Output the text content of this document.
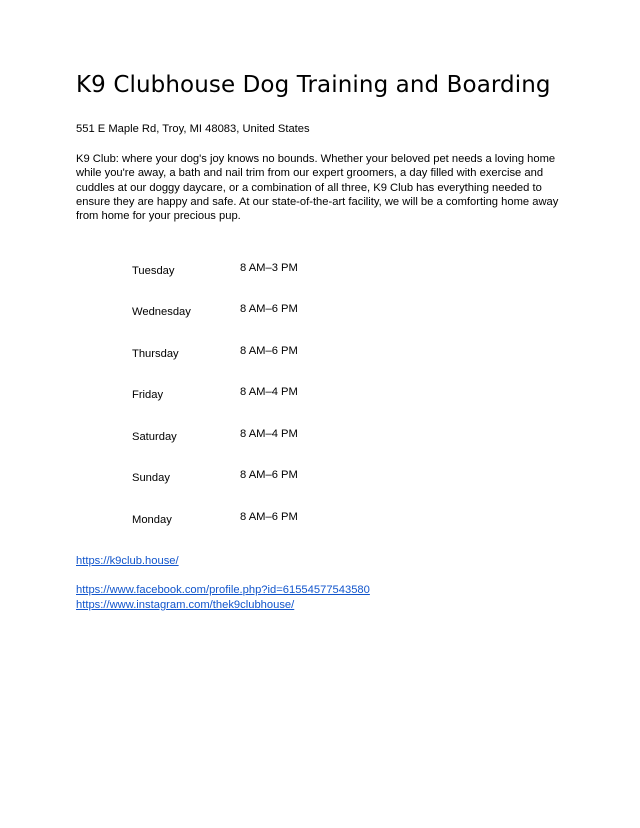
K9 Clubhouse Dog Training and Boarding
551 E Maple Rd, Troy, MI 48083, United States

K9 Club: where your dog's joy knows no bounds. Whether your beloved pet needs a loving home while you're away, a bath and nail trim from our expert groomers, a day filled with exercise and cuddles at our doggy daycare, or a combination of all three, K9 Club has everything needed to ensure they are happy and safe. At our state-of-the-art facility, we will be a comforting home away from home for your precious pup.

Tuesday	8 AM–3 PM
Wednesday	8 AM–6 PM
Thursday	8 AM–6 PM
Friday	8 AM–4 PM
Saturday	8 AM–4 PM
Sunday	8 AM–6 PM
Monday	8 AM–6 PM
https://k9club.house/
https://www.facebook.com/profile.php?id=61554577543580
https://www.instagram.com/thek9clubhouse/
